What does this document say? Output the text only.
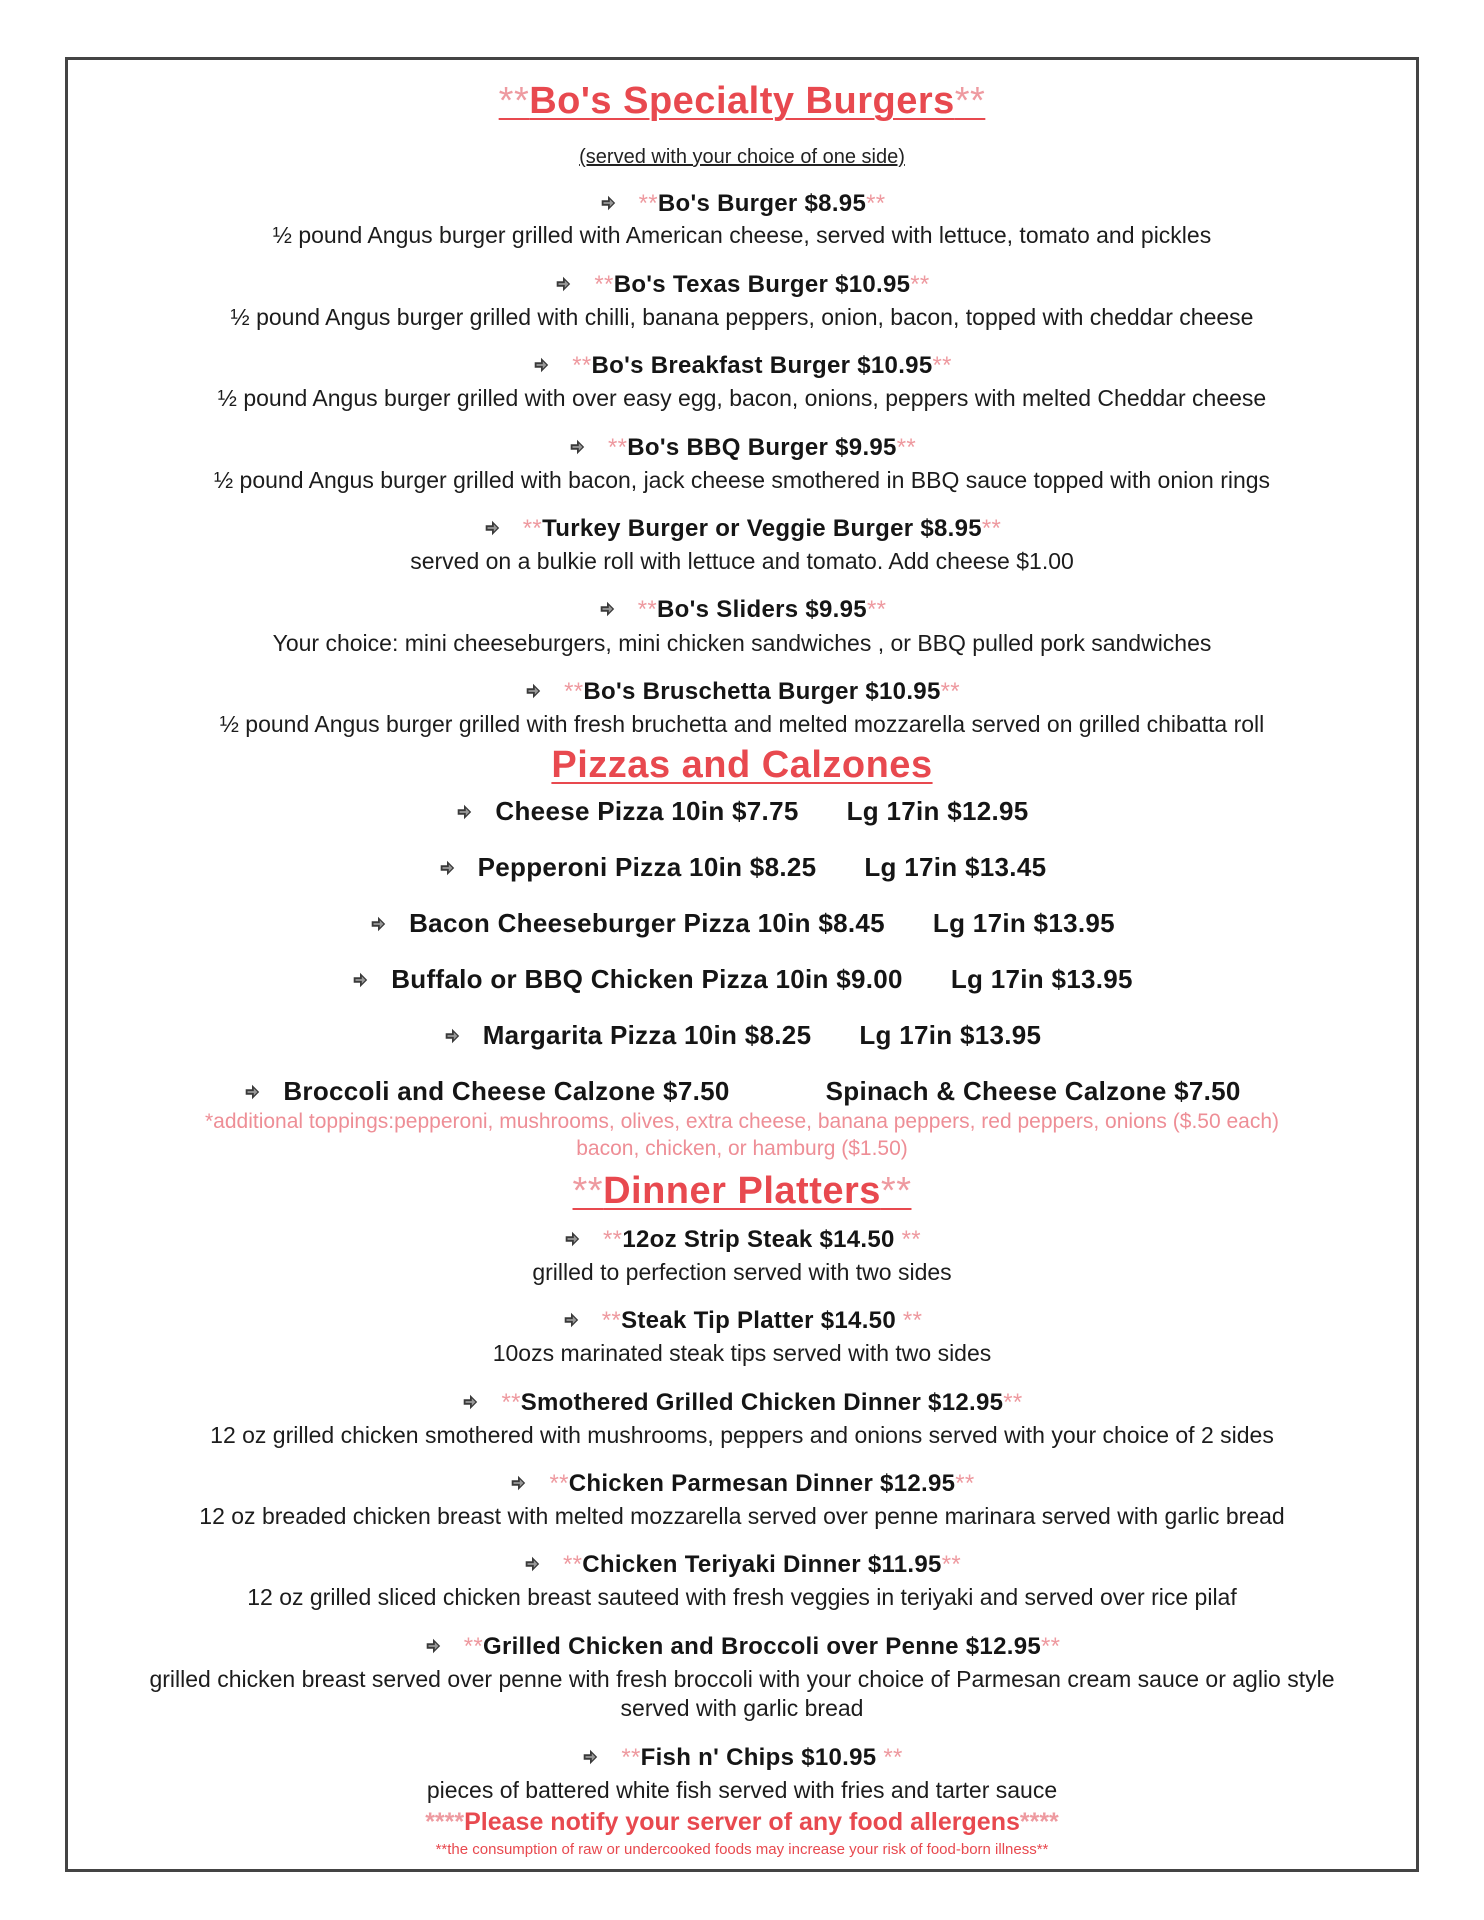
**Bo's Specialty Burgers**
(served with your choice of one side)
**Bo's Burger $8.95**
½ pound Angus burger grilled with American cheese, served with lettuce, tomato and pickles
**Bo's Texas Burger $10.95**
½ pound Angus burger grilled with chilli, banana peppers, onion, bacon, topped with cheddar cheese
**Bo's Breakfast Burger $10.95**
½ pound Angus burger grilled with over easy egg, bacon, onions, peppers with melted Cheddar cheese
**Bo's BBQ Burger $9.95**
½ pound Angus burger grilled with bacon, jack cheese smothered in BBQ sauce topped with onion rings
**Turkey Burger or Veggie Burger $8.95**
served on a bulkie roll with lettuce and tomato. Add cheese $1.00
**Bo's Sliders $9.95**
Your choice: mini cheeseburgers, mini chicken sandwiches , or BBQ pulled pork sandwiches
**Bo's Bruschetta Burger $10.95**
½ pound Angus burger grilled with fresh bruchetta and melted mozzarella served on grilled chibatta roll
Pizzas and Calzones
Cheese Pizza 10in $7.75 Lg 17in $12.95
Pepperoni Pizza 10in $8.25 Lg 17in $13.45
Bacon Cheeseburger Pizza 10in $8.45 Lg 17in $13.95
Buffalo or BBQ Chicken Pizza 10in $9.00 Lg 17in $13.95
Margarita Pizza 10in $8.25 Lg 17in $13.95
Broccoli and Cheese Calzone $7.50	Spinach & Cheese Calzone $7.50
*additional toppings:pepperoni, mushrooms, olives, extra cheese, banana peppers, red peppers, onions ($.50 each)
bacon, chicken, or hamburg ($1.50)
**Dinner Platters**
**12oz Strip Steak $14.50 **
grilled to perfection served with two sides
**Steak Tip Platter $14.50 **
10ozs marinated steak tips served with two sides
**Smothered Grilled Chicken Dinner $12.95**
12 oz grilled chicken smothered with mushrooms, peppers and onions served with your choice of 2 sides
**Chicken Parmesan Dinner $12.95**
12 oz breaded chicken breast with melted mozzarella served over penne marinara served with garlic bread
**Chicken Teriyaki Dinner $11.95**
12 oz grilled sliced chicken breast sauteed with fresh veggies in teriyaki and served over rice pilaf
**Grilled Chicken and Broccoli over Penne $12.95**
grilled chicken breast served over penne with fresh broccoli with your choice of Parmesan cream sauce or aglio style
served with garlic bread
**Fish n' Chips $10.95 **
pieces of battered white fish served with fries and tarter sauce
****Please notify your server of any food allergens****
**the consumption of raw or undercooked foods may increase your risk of food-born illness**
